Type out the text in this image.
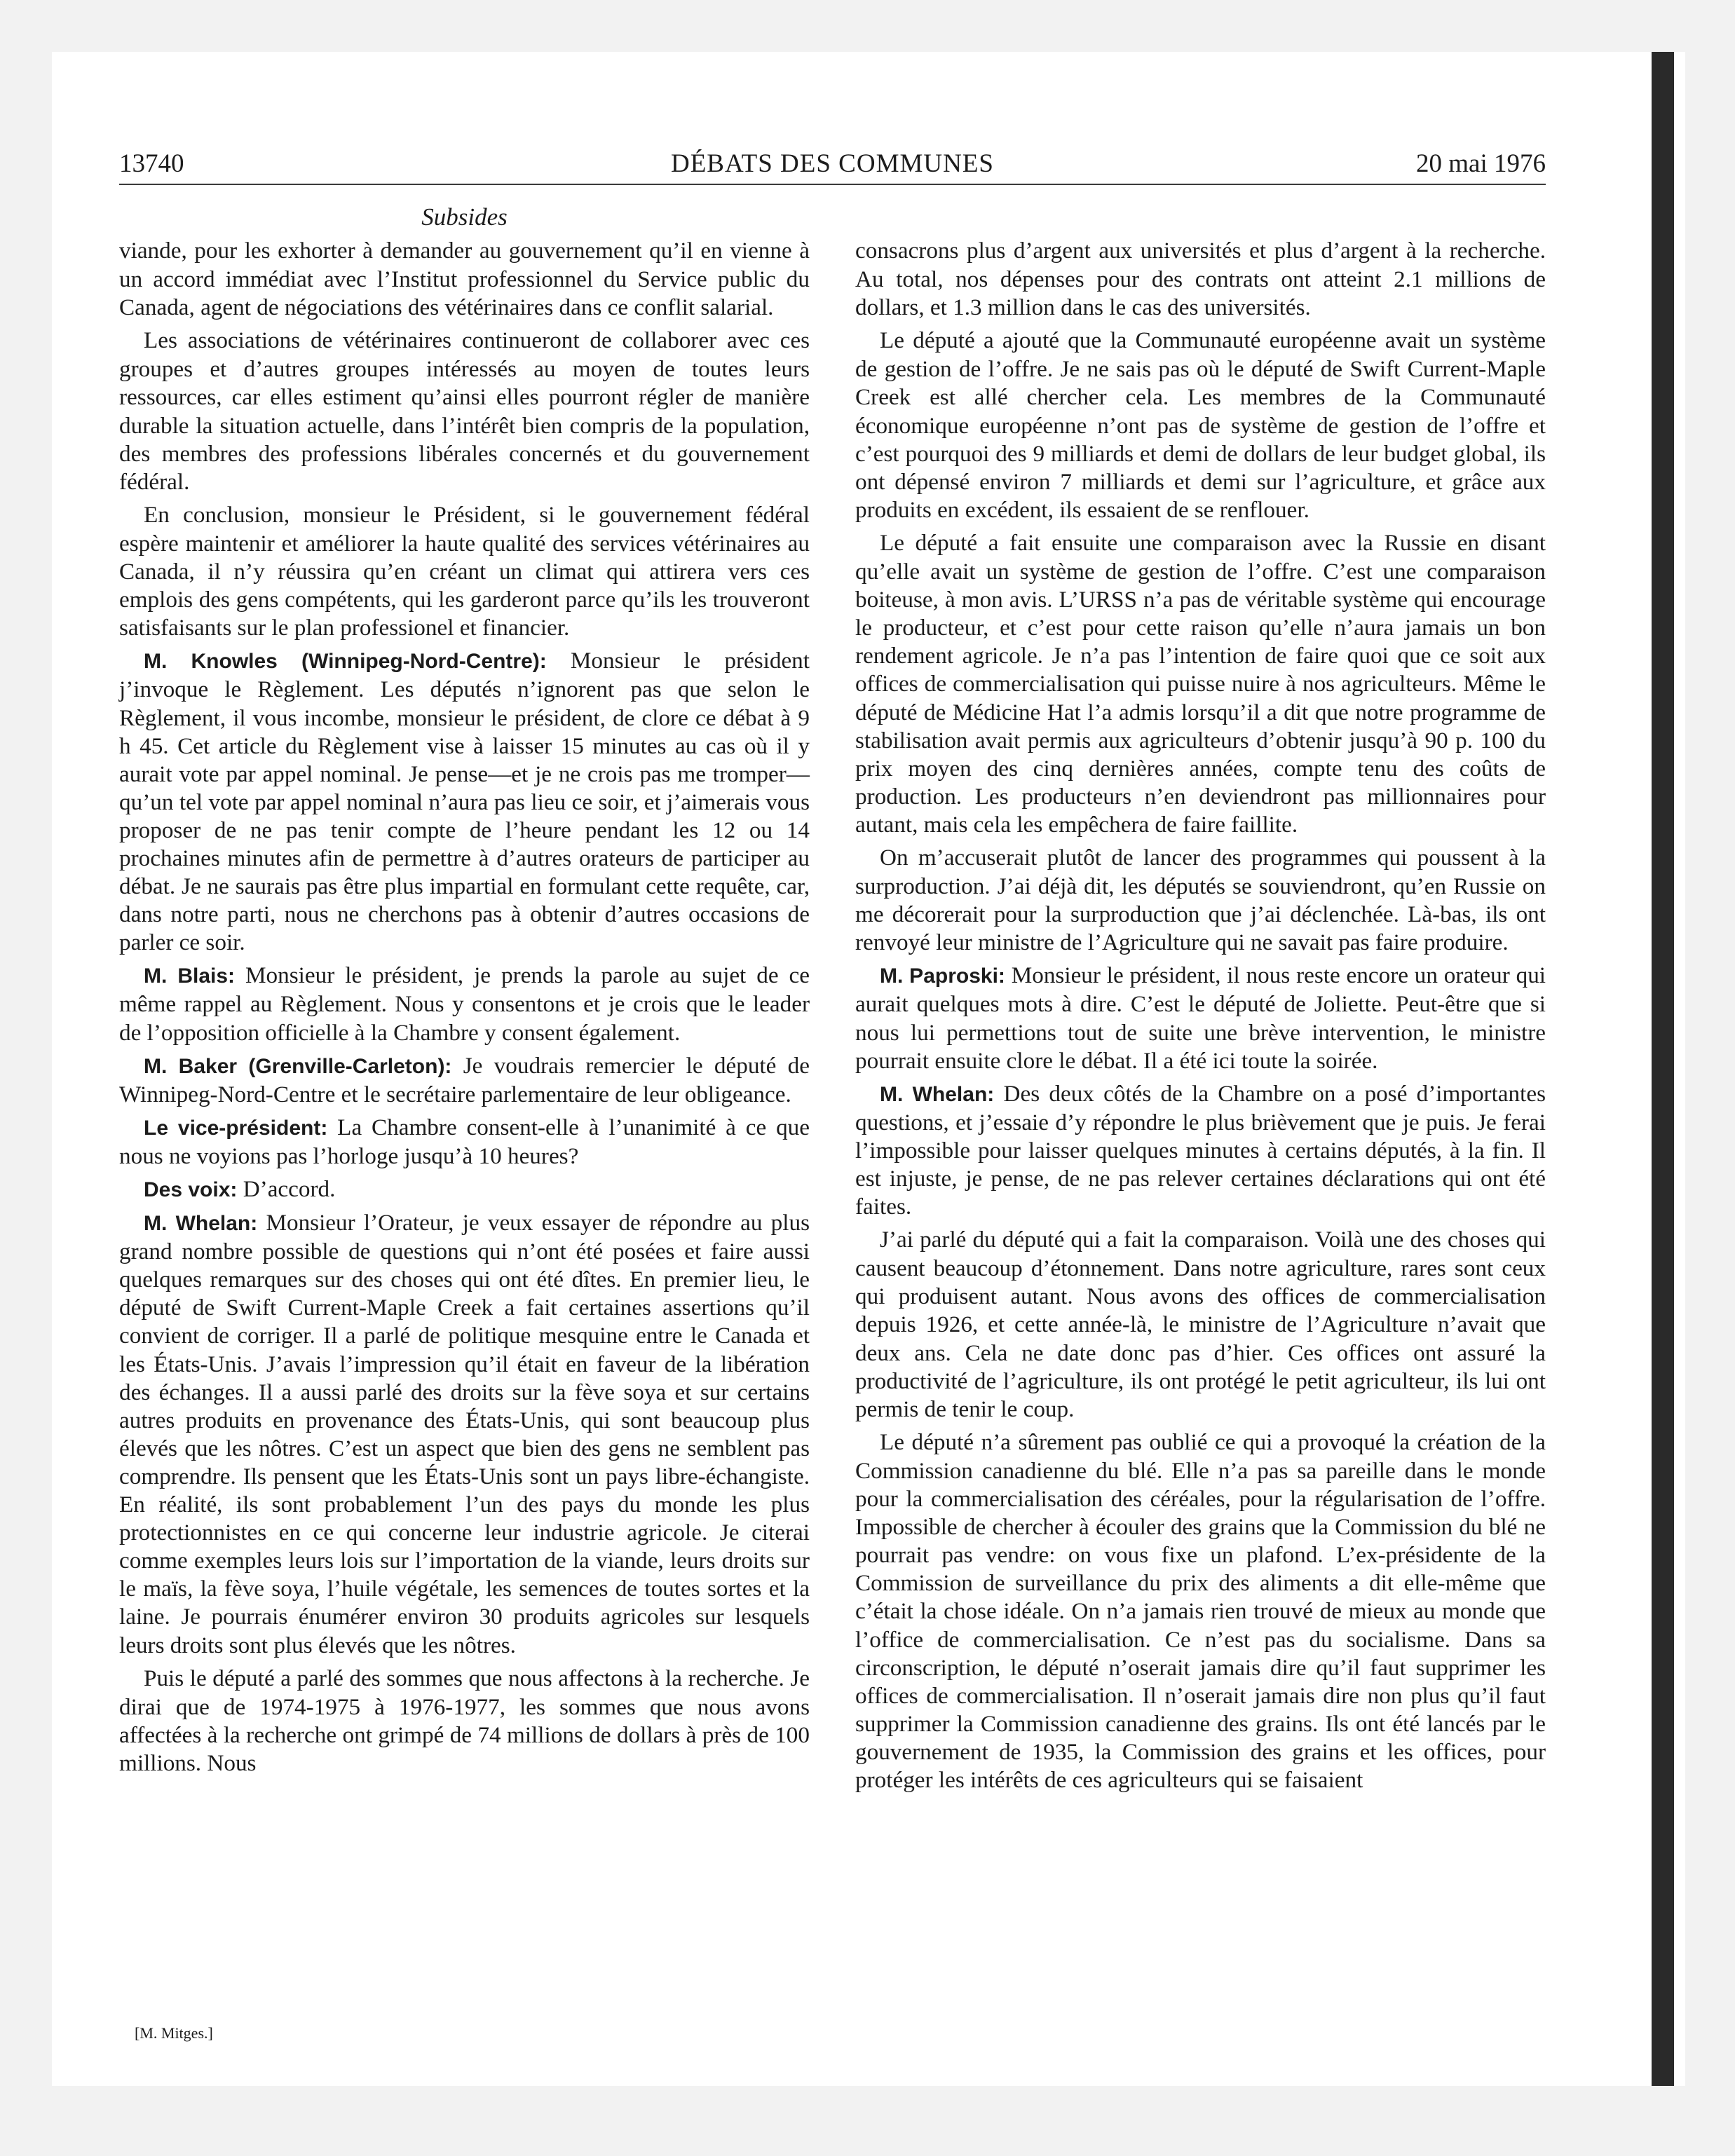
13740	DÉBATS DES COMMUNES	20 mai 1976
Subsides

viande, pour les exhorter à demander au gouvernement qu’il en vienne à un accord immédiat avec l’Institut professionnel du Service public du Canada, agent de négociations des vétérinaires dans ce conflit salarial.

Les associations de vétérinaires continueront de collaborer avec ces groupes et d’autres groupes intéressés au moyen de toutes leurs ressources, car elles estiment qu’ainsi elles pourront régler de manière durable la situation actuelle, dans l’intérêt bien compris de la population, des membres des professions libérales concernés et du gouvernement fédéral.

En conclusion, monsieur le Président, si le gouvernement fédéral espère maintenir et améliorer la haute qualité des services vétérinaires au Canada, il n’y réussira qu’en créant un climat qui attirera vers ces emplois des gens compétents, qui les garderont parce qu’ils les trouveront satisfaisants sur le plan professionel et financier.

M. Knowles (Winnipeg-Nord-Centre): Monsieur le président j’invoque le Règlement. Les députés n’ignorent pas que selon le Règlement, il vous incombe, monsieur le président, de clore ce débat à 9 h 45. Cet article du Règlement vise à laisser 15 minutes au cas où il y aurait vote par appel nominal. Je pense—et je ne crois pas me tromper—qu’un tel vote par appel nominal n’aura pas lieu ce soir, et j’aimerais vous proposer de ne pas tenir compte de l’heure pendant les 12 ou 14 prochaines minutes afin de permettre à d’autres orateurs de participer au débat. Je ne saurais pas être plus impartial en formulant cette requête, car, dans notre parti, nous ne cherchons pas à obtenir d’autres occasions de parler ce soir.

M. Blais: Monsieur le président, je prends la parole au sujet de ce même rappel au Règlement. Nous y consentons et je crois que le leader de l’opposition officielle à la Chambre y consent également.

M. Baker (Grenville-Carleton): Je voudrais remercier le député de Winnipeg-Nord-Centre et le secrétaire parlementaire de leur obligeance.

Le vice-président: La Chambre consent-elle à l’unanimité à ce que nous ne voyions pas l’horloge jusqu’à 10 heures?

Des voix: D’accord.

M. Whelan: Monsieur l’Orateur, je veux essayer de répondre au plus grand nombre possible de questions qui n’ont été posées et faire aussi quelques remarques sur des choses qui ont été dîtes. En premier lieu, le député de Swift Current-Maple Creek a fait certaines assertions qu’il convient de corriger. Il a parlé de politique mesquine entre le Canada et les États-Unis. J’avais l’impression qu’il était en faveur de la libération des échanges. Il a aussi parlé des droits sur la fève soya et sur certains autres produits en provenance des États-Unis, qui sont beaucoup plus élevés que les nôtres. C’est un aspect que bien des gens ne semblent pas comprendre. Ils pensent que les États-Unis sont un pays libre-échangiste. En réalité, ils sont probablement l’un des pays du monde les plus protectionnistes en ce qui concerne leur industrie agricole. Je citerai comme exemples leurs lois sur l’importation de la viande, leurs droits sur le maïs, la fève soya, l’huile végétale, les semences de toutes sortes et la laine. Je pourrais énumérer environ 30 produits agricoles sur lesquels leurs droits sont plus élevés que les nôtres.

Puis le député a parlé des sommes que nous affectons à la recherche. Je dirai que de 1974-1975 à 1976-1977, les sommes que nous avons affectées à la recherche ont grimpé de 74 millions de dollars à près de 100 millions. Nous

consacrons plus d’argent aux universités et plus d’argent à la recherche. Au total, nos dépenses pour des contrats ont atteint 2.1 millions de dollars, et 1.3 million dans le cas des universités.

Le député a ajouté que la Communauté européenne avait un système de gestion de l’offre. Je ne sais pas où le député de Swift Current-Maple Creek est allé chercher cela. Les membres de la Communauté économique européenne n’ont pas de système de gestion de l’offre et c’est pourquoi des 9 milliards et demi de dollars de leur budget global, ils ont dépensé environ 7 milliards et demi sur l’agriculture, et grâce aux produits en excédent, ils essaient de se renflouer.

Le député a fait ensuite une comparaison avec la Russie en disant qu’elle avait un système de gestion de l’offre. C’est une comparaison boiteuse, à mon avis. L’URSS n’a pas de véritable système qui encourage le producteur, et c’est pour cette raison qu’elle n’aura jamais un bon rendement agricole. Je n’a pas l’intention de faire quoi que ce soit aux offices de commercialisation qui puisse nuire à nos agriculteurs. Même le député de Médicine Hat l’a admis lorsqu’il a dit que notre programme de stabilisation avait permis aux agriculteurs d’obtenir jusqu’à 90 p. 100 du prix moyen des cinq dernières années, compte tenu des coûts de production. Les producteurs n’en deviendront pas millionnaires pour autant, mais cela les empêchera de faire faillite.

On m’accuserait plutôt de lancer des programmes qui poussent à la surproduction. J’ai déjà dit, les députés se souviendront, qu’en Russie on me décorerait pour la surproduction que j’ai déclenchée. Là-bas, ils ont renvoyé leur ministre de l’Agriculture qui ne savait pas faire produire.

M. Paproski: Monsieur le président, il nous reste encore un orateur qui aurait quelques mots à dire. C’est le député de Joliette. Peut-être que si nous lui permettions tout de suite une brève intervention, le ministre pourrait ensuite clore le débat. Il a été ici toute la soirée.

M. Whelan: Des deux côtés de la Chambre on a posé d’importantes questions, et j’essaie d’y répondre le plus brièvement que je puis. Je ferai l’impossible pour laisser quelques minutes à certains députés, à la fin. Il est injuste, je pense, de ne pas relever certaines déclarations qui ont été faites.

J’ai parlé du député qui a fait la comparaison. Voilà une des choses qui causent beaucoup d’étonnement. Dans notre agriculture, rares sont ceux qui produisent autant. Nous avons des offices de commercialisation depuis 1926, et cette année-là, le ministre de l’Agriculture n’avait que deux ans. Cela ne date donc pas d’hier. Ces offices ont assuré la productivité de l’agriculture, ils ont protégé le petit agriculteur, ils lui ont permis de tenir le coup.

Le député n’a sûrement pas oublié ce qui a provoqué la création de la Commission canadienne du blé. Elle n’a pas sa pareille dans le monde pour la commercialisation des céréales, pour la régularisation de l’offre. Impossible de chercher à écouler des grains que la Commission du blé ne pourrait pas vendre: on vous fixe un plafond. L’ex-présidente de la Commission de surveillance du prix des aliments a dit elle-même que c’était la chose idéale. On n’a jamais rien trouvé de mieux au monde que l’office de commercialisation. Ce n’est pas du socialisme. Dans sa circonscription, le député n’oserait jamais dire qu’il faut supprimer les offices de commercialisation. Il n’oserait jamais dire non plus qu’il faut supprimer la Commission canadienne des grains. Ils ont été lancés par le gouvernement de 1935, la Commission des grains et les offices, pour protéger les intérêts de ces agriculteurs qui se faisaient

[M. Mitges.]
